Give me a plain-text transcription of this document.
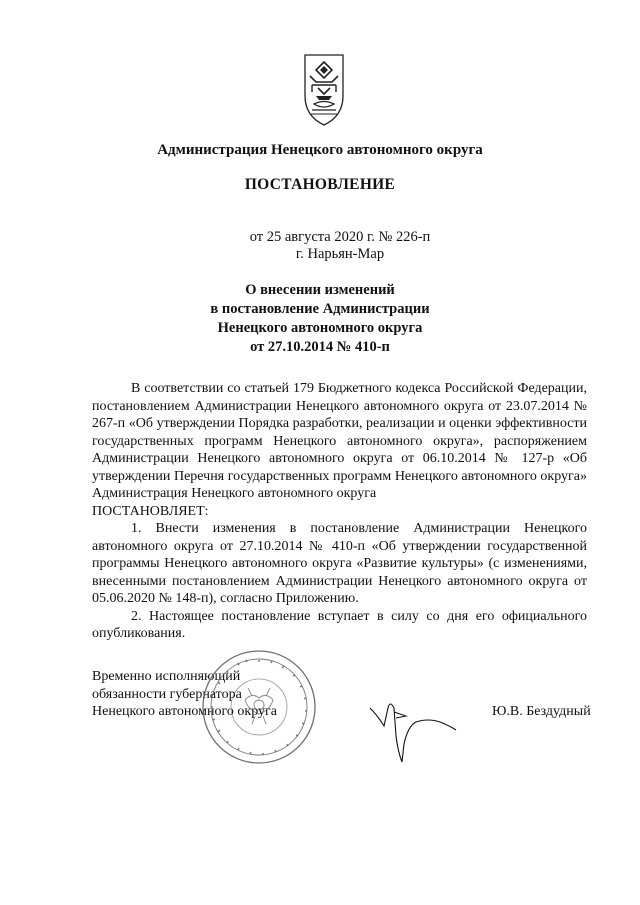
Администрация Ненецкого автономного округа
ПОСТАНОВЛЕНИЕ
от 25 августа 2020 г. № 226-п
г. Нарьян-Мар
О внесении изменений
в постановление Администрации
Ненецкого автономного округа
от 27.10.2014 № 410-п
В соответствии со статьей 179 Бюджетного кодекса Российской Федерации, постановлением Администрации Ненецкого автономного округа от 23.07.2014 № 267-п «Об утверждении Порядка разработки, реализации и оценки эффективности государственных программ Ненецкого автономного округа», распоряжением Администрации Ненецкого автономного округа от 06.10.2014 № 127-р «Об утверждении Перечня государственных программ Ненецкого автономного округа» Администрация Ненецкого автономного округа
ПОСТАНОВЛЯЕТ:
1. Внести изменения в постановление Администрации Ненецкого автономного округа от 27.10.2014 № 410-п «Об утверждении государственной программы Ненецкого автономного округа «Развитие культуры» (с изменениями, внесенными постановлением Администрации Ненецкого автономного округа от 05.06.2020 № 148-п), согласно Приложению.
2. Настоящее постановление вступает в силу со дня его официального опубликования.
Временно исполняющий
обязанности губернатора
Ненецкого автономного округа	Ю.В. Бездудный
